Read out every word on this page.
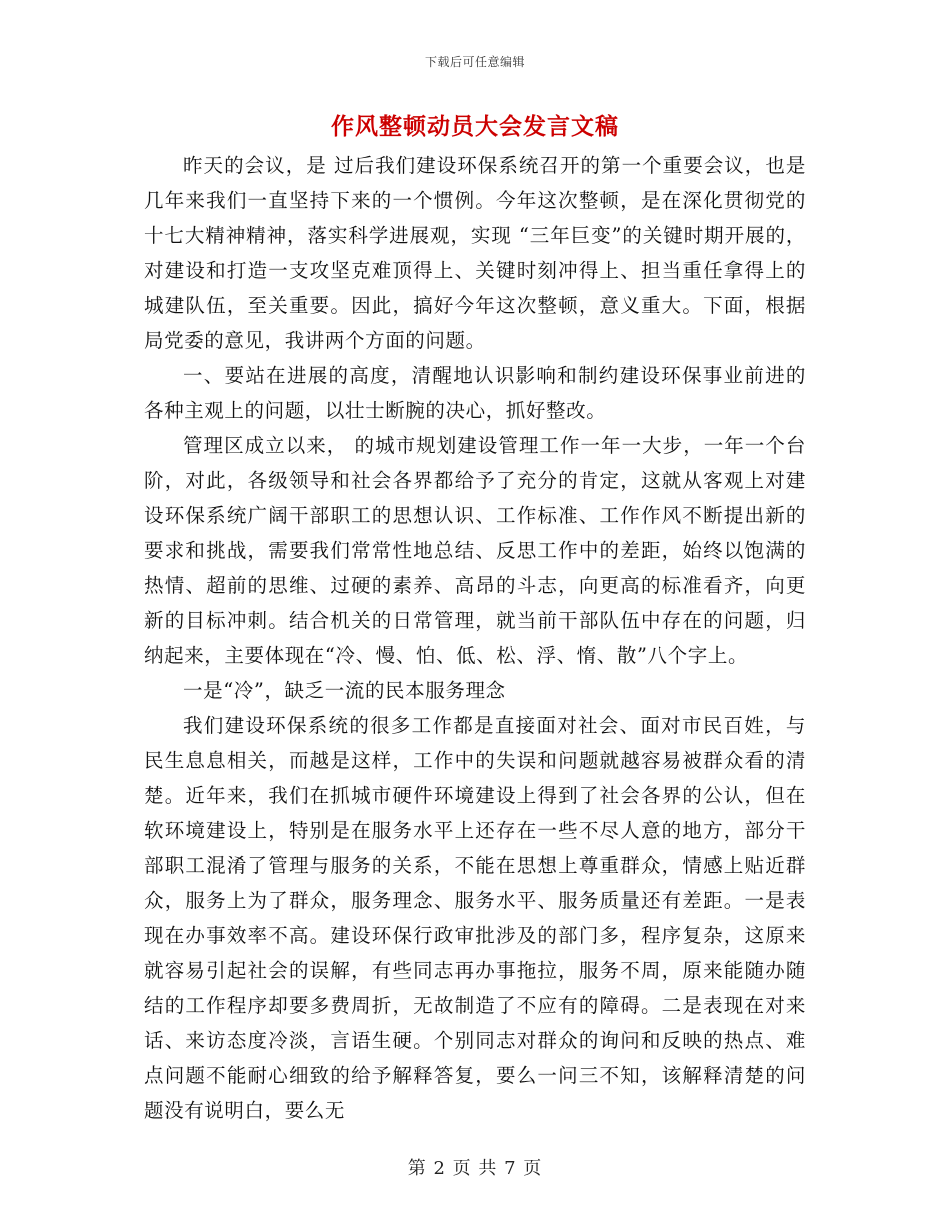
下载后可任意编辑
作风整顿动员大会发言文稿

昨天的会议，是 过后我们建设环保系统召开的第一个重要会议，也是几年来我们一直坚持下来的一个惯例。今年这次整顿，是在深化贯彻党的十七大精神精神，落实科学进展观，实现 “三年巨变”的关键时期开展的，对建设和打造一支攻坚克难顶得上、关键时刻冲得上、担当重任拿得上的城建队伍，至关重要。因此，搞好今年这次整顿，意义重大。下面，根据局党委的意见，我讲两个方面的问题。

一、要站在进展的高度，清醒地认识影响和制约建设环保事业前进的各种主观上的问题，以壮士断腕的决心，抓好整改。

管理区成立以来， 的城市规划建设管理工作一年一大步，一年一个台阶，对此，各级领导和社会各界都给予了充分的肯定，这就从客观上对建设环保系统广阔干部职工的思想认识、工作标准、工作作风不断提出新的要求和挑战，需要我们常常性地总结、反思工作中的差距，始终以饱满的热情、超前的思维、过硬的素养、高昂的斗志，向更高的标准看齐，向更新的目标冲刺。结合机关的日常管理，就当前干部队伍中存在的问题，归纳起来，主要体现在“冷、慢、怕、低、松、浮、惰、散”八个字上。

一是“冷”，缺乏一流的民本服务理念

我们建设环保系统的很多工作都是直接面对社会、面对市民百姓，与民生息息相关，而越是这样，工作中的失误和问题就越容易被群众看的清楚。近年来，我们在抓城市硬件环境建设上得到了社会各界的公认，但在软环境建设上，特别是在服务水平上还存在一些不尽人意的地方，部分干部职工混淆了管理与服务的关系，不能在思想上尊重群众，情感上贴近群众，服务上为了群众，服务理念、服务水平、服务质量还有差距。一是表现在办事效率不高。建设环保行政审批涉及的部门多，程序复杂，这原来就容易引起社会的误解，有些同志再办事拖拉，服务不周，原来能随办随结的工作程序却要多费周折，无故制造了不应有的障碍。二是表现在对来话、来访态度冷淡，言语生硬。个别同志对群众的询问和反映的热点、难点问题不能耐心细致的给予解释答复，要么一问三不知，该解释清楚的问题没有说明白，要么无

第 2 页 共 7 页
